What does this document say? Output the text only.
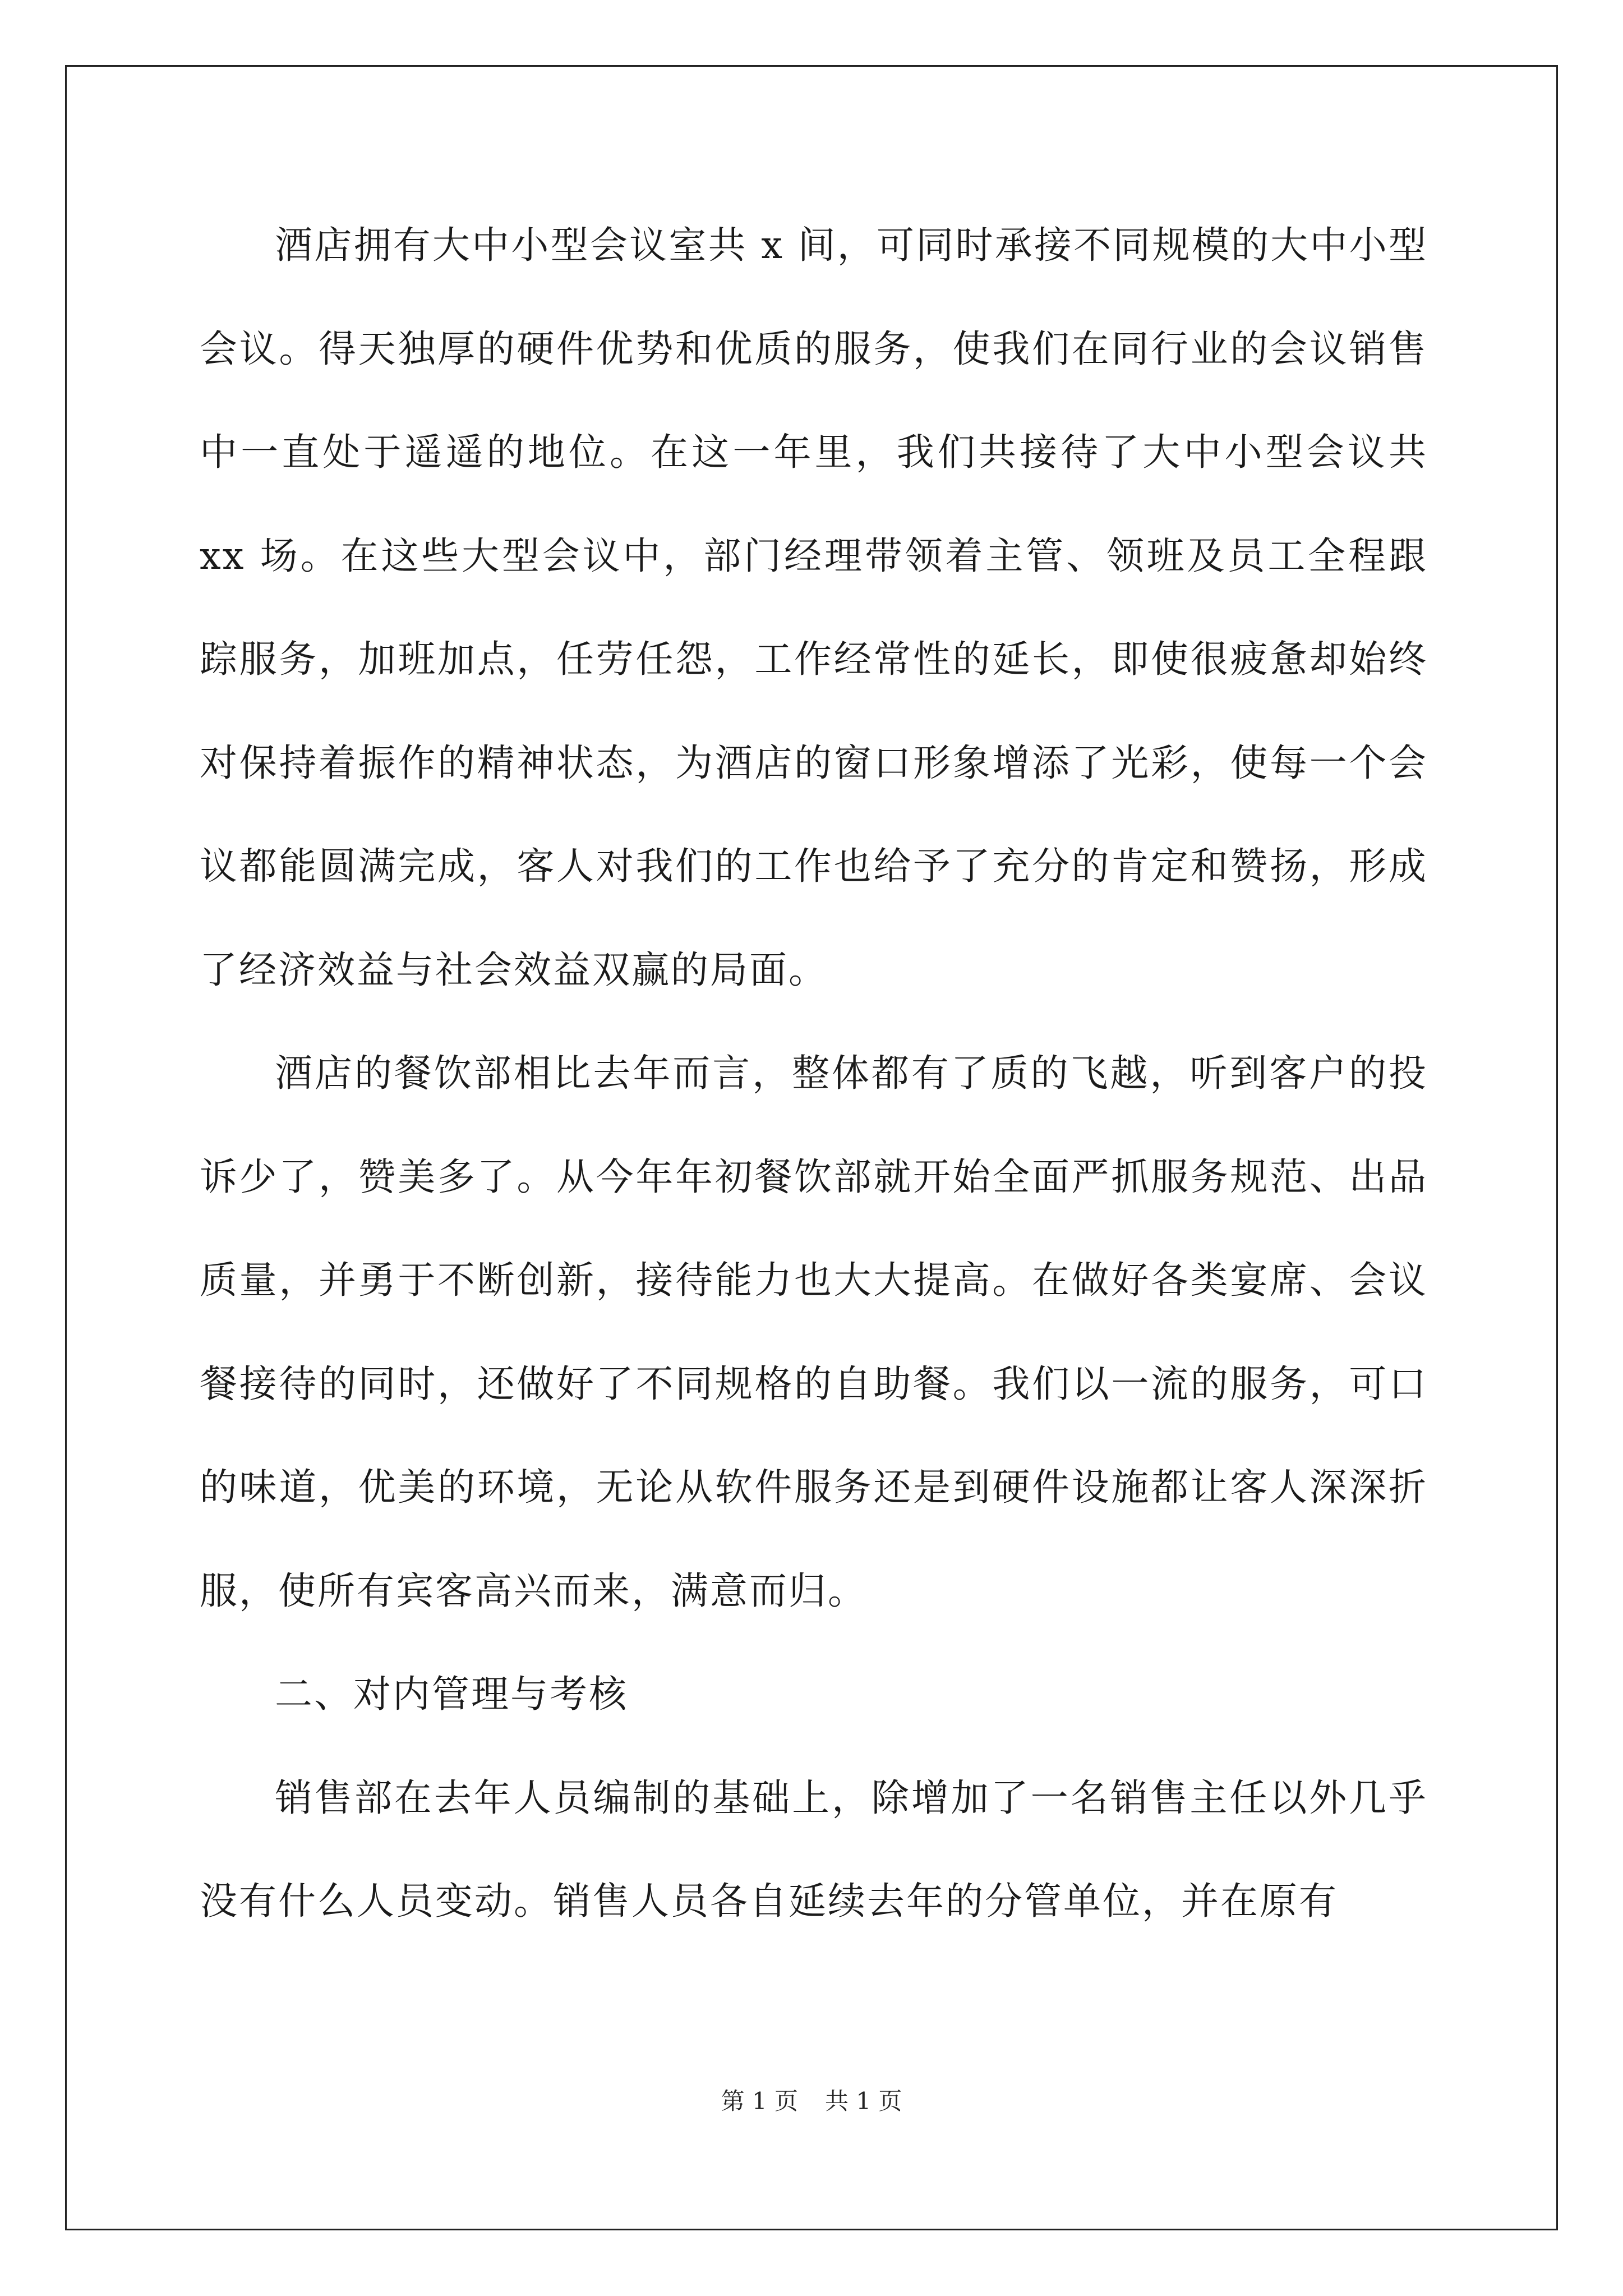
酒店拥有大中小型会议室共 x 间，可同时承接不同规模的大中小型会议。得天独厚的硬件优势和优质的服务，使我们在同行业的会议销售中一直处于遥遥的地位。在这一年里，我们共接待了大中小型会议共 xx 场。在这些大型会议中，部门经理带领着主管、领班及员工全程跟踪服务，加班加点，任劳任怨，工作经常性的延长，即使很疲惫却始终对保持着振作的精神状态，为酒店的窗口形象增添了光彩，使每一个会议都能圆满完成，客人对我们的工作也给予了充分的肯定和赞扬，形成了经济效益与社会效益双赢的局面。

酒店的餐饮部相比去年而言，整体都有了质的飞越，听到客户的投诉少了，赞美多了。从今年年初餐饮部就开始全面严抓服务规范、出品质量，并勇于不断创新，接待能力也大大提高。在做好各类宴席、会议餐接待的同时，还做好了不同规格的自助餐。我们以一流的服务，可口的味道，优美的环境，无论从软件服务还是到硬件设施都让客人深深折服，使所有宾客高兴而来，满意而归。

二、对内管理与考核

销售部在去年人员编制的基础上，除增加了一名销售主任以外几乎没有什么人员变动。销售人员各自延续去年的分管单位，并在原有

第 1 页 共 1 页
